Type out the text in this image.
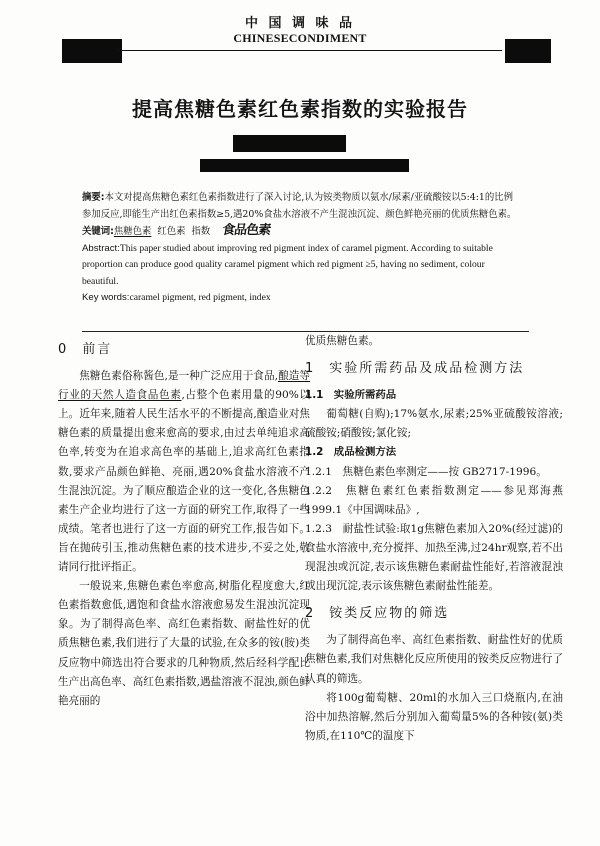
中 国 调 味 品
CHINESECONDIMENT
提高焦糖色素红色素指数的实验报告

摘要:本文对提高焦糖色素红色素指数进行了深入讨论,认为铵类物质以氨水/尿素/亚硫酸铵以5:4:1的比例参加反应,即能生产出红色素指数≥5,遇20%食盐水溶液不产生混浊沉淀、颜色鲜艳亮丽的优质焦糖色素。

关键词:焦糖色素 红色素 指数 食品色素

Abstract:This paper studied about improving red pigment index of caramel pigment. According to suitable proportion can produce good quality caramel pigment which red pigment ≥5, having no sediment, colour beautiful.

Key words:caramel pigment, red pigment, index

0 前言

焦糖色素俗称酱色,是一种广泛应用于食品,酿造等行业的天然人造食品色素,占整个色素用量的90%以上。近年来,随着人民生活水平的不断提高,酿造业对焦糖色素的质量提出愈来愈高的要求,由过去单纯追求高色率,转变为在追求高色率的基础上,追求高红色素指数,要求产品颜色鲜艳、亮丽,遇20%食盐水溶液不产生混浊沉淀。为了顺应酿造企业的这一变化,各焦糖色素生产企业均进行了这一方面的研究工作,取得了一些成绩。笔者也进行了这一方面的研究工作,报告如下。旨在抛砖引玉,推动焦糖色素的技术进步,不妥之处,敬请同行批评指正。

一般说来,焦糖色素色率愈高,树脂化程度愈大,红色素指数愈低,遇饱和食盐水溶液愈易发生混浊沉淀现象。为了制得高色率、高红色素指数、耐盐性好的优质焦糖色素,我们进行了大量的试验,在众多的铵(胺)类反应物中筛选出符合要求的几种物质,然后经科学配比生产出高色率、高红色素指数,遇盐溶液不混浊,颜色鲜艳亮丽的

优质焦糖色素。

1 实验所需药品及成品检测方法

1.1　实验所需药品

葡萄糖(自购);17%氨水,尿素;25%亚硫酸铵溶液;硫酸铵;硝酸铵;氯化铵;

1.2　成品检测方法

1.2.1　焦糖色素色率测定——按 GB2717-1996。

1.2.2　焦糖色素红色素指数测定——参见郑海燕1999.1《中国调味品》,

1.2.3　耐盐性试验:取1g焦糖色素加入20%(经过滤)的食盐水溶液中,充分搅拌、加热至沸,过24hr观察,若不出现混浊或沉淀,表示该焦糖色素耐盐性能好,若溶液混浊或出现沉淀,表示该焦糖色素耐盐性能差。

2 铵类反应物的筛选

为了制得高色率、高红色素指数、耐盐性好的优质焦糖色素,我们对焦糖化反应所使用的铵类反应物进行了认真的筛选。

将100g葡萄糖、20ml的水加入三口烧瓶内,在油浴中加热溶解,然后分别加入葡萄量5%的各种铵(氨)类物质,在110℃的温度下
